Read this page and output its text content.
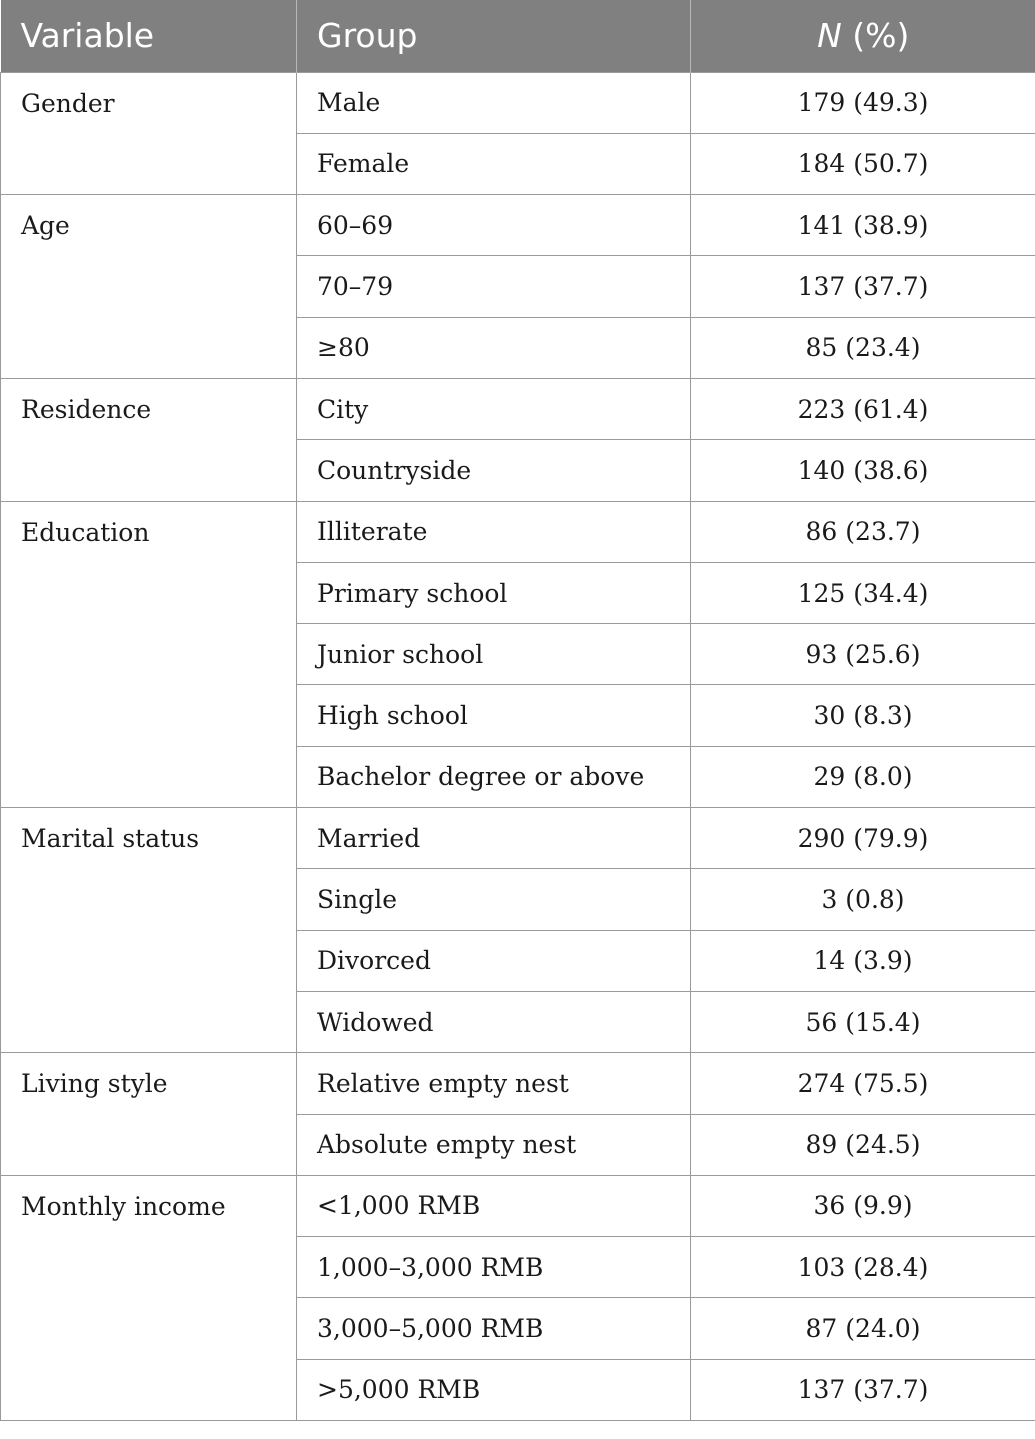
Variable	Group	N (%)
Gender	Male	179 (49.3)
	Female	184 (50.7)
Age	60–69	141 (38.9)
	70–79	137 (37.7)
	≥80	85 (23.4)
Residence	City	223 (61.4)
	Countryside	140 (38.6)
Education	Illiterate	86 (23.7)
	Primary school	125 (34.4)
	Junior school	93 (25.6)
	High school	30 (8.3)
	Bachelor degree or above	29 (8.0)
Marital status	Married	290 (79.9)
	Single	3 (0.8)
	Divorced	14 (3.9)
	Widowed	56 (15.4)
Living style	Relative empty nest	274 (75.5)
	Absolute empty nest	89 (24.5)
Monthly income	<1,000 RMB	36 (9.9)
	1,000–3,000 RMB	103 (28.4)
	3,000–5,000 RMB	87 (24.0)
	>5,000 RMB	137 (37.7)
